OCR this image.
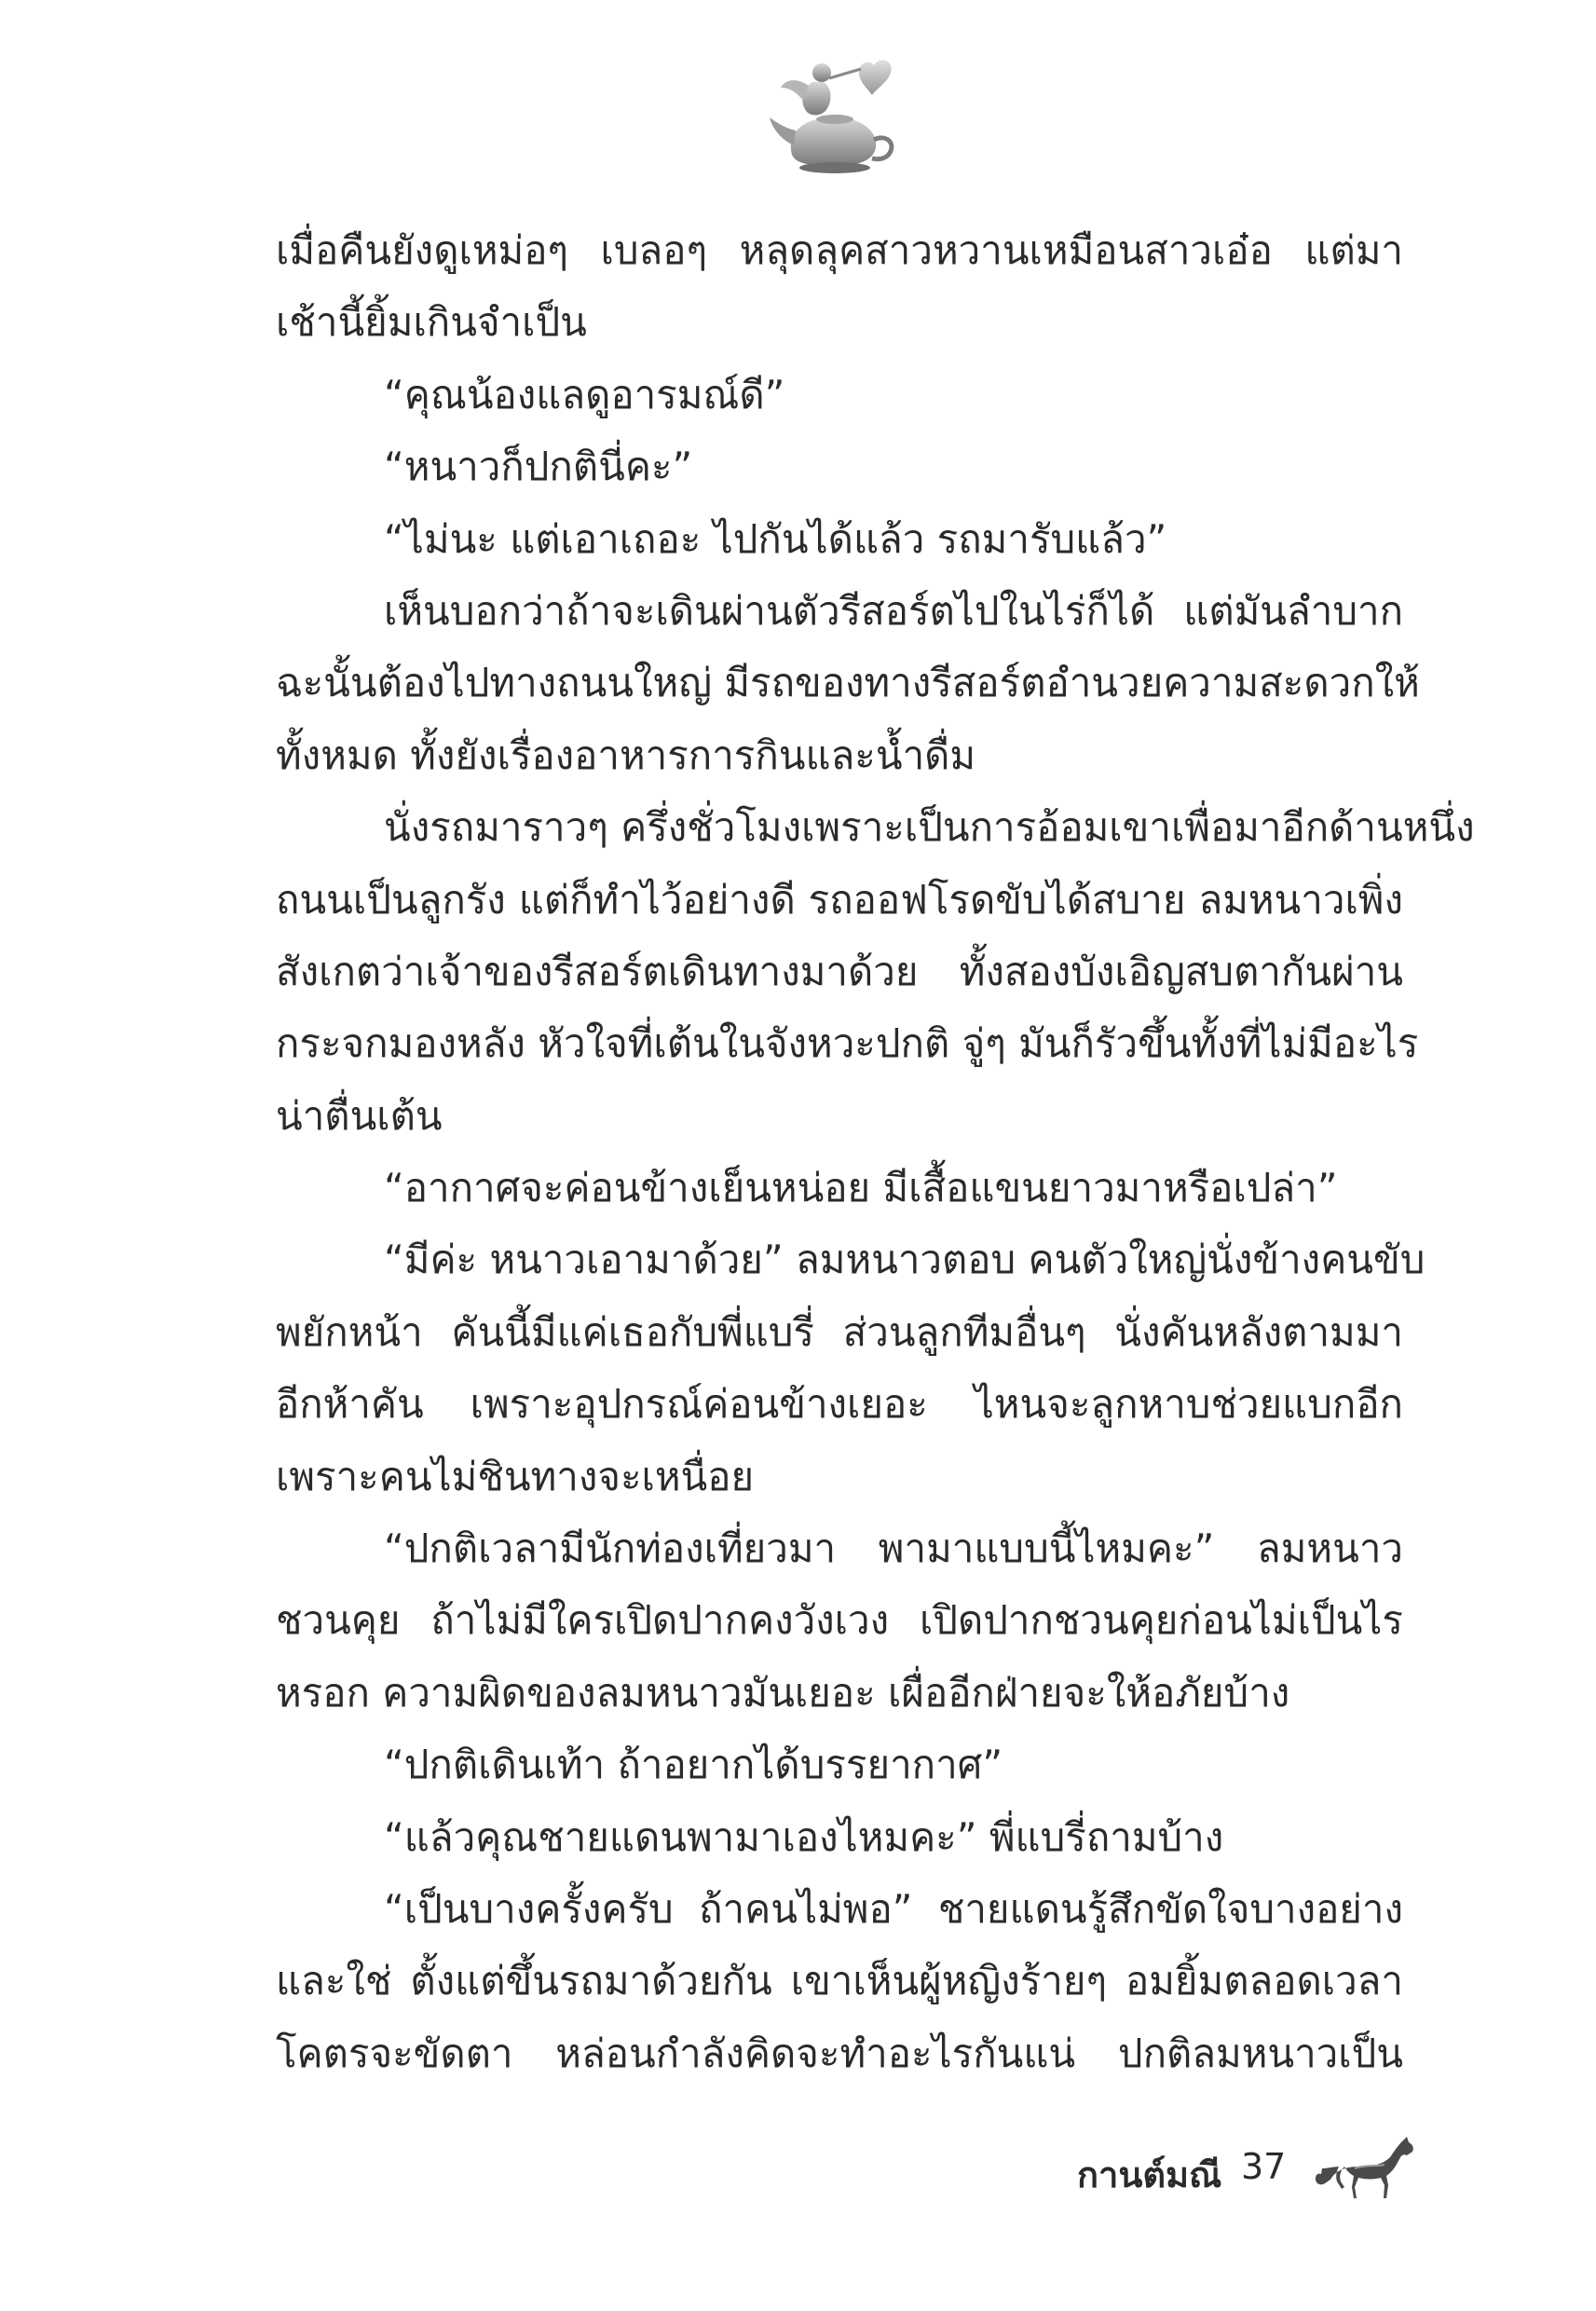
เมื่อคืนยังดูเหม่อๆ เบลอๆ หลุดลุคสาวหวานเหมือนสาวเอ๋อ แต่มา
เช้านี้ยิ้มเกินจำเป็น
“คุณน้องแลดูอารมณ์ดี”
“หนาวก็ปกตินี่คะ”
“ไม่นะ แต่เอาเถอะ ไปกันได้แล้ว รถมารับแล้ว”
เห็นบอกว่าถ้าจะเดินผ่านตัวรีสอร์ตไปในไร่ก็ได้ แต่มันลำบาก
ฉะนั้นต้องไปทางถนนใหญ่ มีรถของทางรีสอร์ตอำนวยความสะดวกให้
ทั้งหมด ทั้งยังเรื่องอาหารการกินและน้ำดื่ม
นั่งรถมาราวๆ ครึ่งชั่วโมงเพราะเป็นการอ้อมเขาเพื่อมาอีกด้านหนึ่ง
ถนนเป็นลูกรัง แต่ก็ทำไว้อย่างดี รถออฟโรดขับได้สบาย ลมหนาวเพิ่ง
สังเกตว่าเจ้าของรีสอร์ตเดินทางมาด้วย ทั้งสองบังเอิญสบตากันผ่าน
กระจกมองหลัง หัวใจที่เต้นในจังหวะปกติ จู่ๆ มันก็รัวขึ้นทั้งที่ไม่มีอะไร
น่าตื่นเต้น
“อากาศจะค่อนข้างเย็นหน่อย มีเสื้อแขนยาวมาหรือเปล่า”
“มีค่ะ หนาวเอามาด้วย” ลมหนาวตอบ คนตัวใหญ่นั่งข้างคนขับ
พยักหน้า คันนี้มีแค่เธอกับพี่แบรี่ ส่วนลูกทีมอื่นๆ นั่งคันหลังตามมา
อีกห้าคัน เพราะอุปกรณ์ค่อนข้างเยอะ ไหนจะลูกหาบช่วยแบกอีก
เพราะคนไม่ชินทางจะเหนื่อย
“ปกติเวลามีนักท่องเที่ยวมา พามาแบบนี้ไหมคะ” ลมหนาว
ชวนคุย ถ้าไม่มีใครเปิดปากคงวังเวง เปิดปากชวนคุยก่อนไม่เป็นไร
หรอก ความผิดของลมหนาวมันเยอะ เผื่ออีกฝ่ายจะให้อภัยบ้าง
“ปกติเดินเท้า ถ้าอยากได้บรรยากาศ”
“แล้วคุณชายแดนพามาเองไหมคะ” พี่แบรี่ถามบ้าง
“เป็นบางครั้งครับ ถ้าคนไม่พอ” ชายแดนรู้สึกขัดใจบางอย่าง
และใช่ ตั้งแต่ขึ้นรถมาด้วยกัน เขาเห็นผู้หญิงร้ายๆ อมยิ้มตลอดเวลา
โคตรจะขัดตา หล่อนกำลังคิดจะทำอะไรกันแน่ ปกติลมหนาวเป็น
กานต์มณี 37
